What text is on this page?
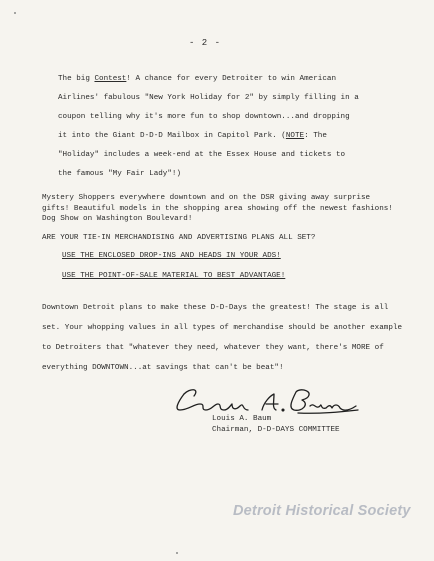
- 2 -
The big Contest! A chance for every Detroiter to win American
Airlines' fabulous "New York Holiday for 2" by simply filling in a
coupon telling why it's more fun to shop downtown...and dropping
it into the Giant D-D-D Mailbox in Capitol Park. (NOTE: The
"Holiday" includes a week-end at the Essex House and tickets to
the famous "My Fair Lady"!)
Mystery Shoppers everywhere downtown and on the DSR giving away surprise gifts! Beautiful models in the shopping area showing off the newest fashions! Dog Show on Washington Boulevard!
ARE YOUR TIE-IN MERCHANDISING AND ADVERTISING PLANS ALL SET?
USE THE ENCLOSED DROP-INS AND HEADS IN YOUR ADS!
USE THE POINT-OF-SALE MATERIAL TO BEST ADVANTAGE!
Downtown Detroit plans to make these D-D-Days the greatest! The stage is all
set. Your whopping values in all types of merchandise should be another example
to Detroiters that "whatever they need, whatever they want, there's MORE of
everything DOWNTOWN...at savings that can't be beat"!
Louis A. Baum
Chairman, D-D-DAYS COMMITTEE
Detroit Historical Society
